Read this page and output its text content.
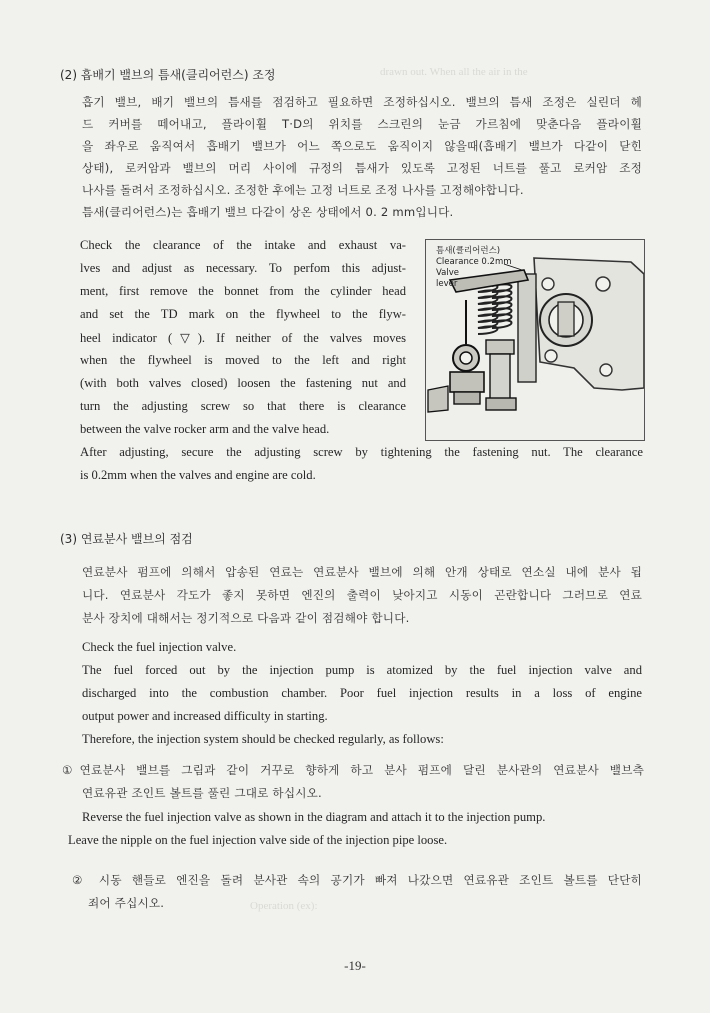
drawn out. When all the air in the
Operation (ex):
(2) 흡배기 밸브의 틈새(클리어런스) 조정
흡기 밸브, 배기 밸브의 틈새를 점검하고 필요하면 조정하십시오. 밸브의 틈새 조정은 실린더 헤
드 커버를 떼어내고, 플라이휠 T·D의 위치를 스크린의 눈금 가르침에 맞춘다음 플라이휠
을 좌우로 움직여서 흡배기 밸브가 어느 쪽으로도 움직이지 않을때(흡배기 밸브가 다같이 닫힌
상태), 로커암과 밸브의 머리 사이에 규정의 틈새가 있도록 고정된 너트를 풀고 로커암 조정
나사를 돌려서 조정하십시오. 조정한 후에는 고정 너트로 조정 나사를 고정해야합니다.
틈새(클리어런스)는 흡배기 밸브 다같이 상온 상태에서 0. 2 mm입니다.
Check the clearance of the intake and exhaust va-
lves and adjust as necessary. To perfom this adjust-
ment, first remove the bonnet from the cylinder head
and set the TD mark on the flywheel to the flyw-
heel indicator (▽). If neither of the valves moves
when the flywheel is moved to the left and right
(with both valves closed) loosen the fastening nut and
turn the adjusting screw so that there is clearance
between the valve rocker arm and the valve head.
After adjusting, secure the adjusting screw by tightening the fastening nut. The clearance
is 0.2mm when the valves and engine are cold.
틈새(클리어런스)
Clearance 0.2mm
Valve
lever
(3) 연료분사 밸브의 점검
연료분사 펌프에 의해서 압송된 연료는 연료분사 밸브에 의해 안개 상태로 연소실 내에 분사 됩
니다. 연료분사 각도가 좋지 못하면 엔진의 출력이 낮아지고 시동이 곤란합니다 그러므로 연료
분사 장치에 대해서는 정기적으로 다음과 같이 점검해야 합니다.
Check the fuel injection valve.
The fuel forced out by the injection pump is atomized by the fuel injection valve and
discharged into the combustion chamber. Poor fuel injection results in a loss of engine
output power and increased difficulty in starting.
Therefore, the injection system should be checked regularly, as follows:
①연료분사 밸브를 그림과 같이 거꾸로 향하게 하고 분사 펌프에 달린 분사관의 연료분사 밸브측
연료유관 조인트 볼트를 풀린 그대로 하십시오.
Reverse the fuel injection valve as shown in the diagram and attach it to the injection pump.
Leave the nipple on the fuel injection valve side of the injection pipe loose.
② 시동 핸들로 엔진을 돌려 분사관 속의 공기가 빠져 나갔으면 연료유관 조인트 볼트를 단단히
죄어 주십시오.
-19-
